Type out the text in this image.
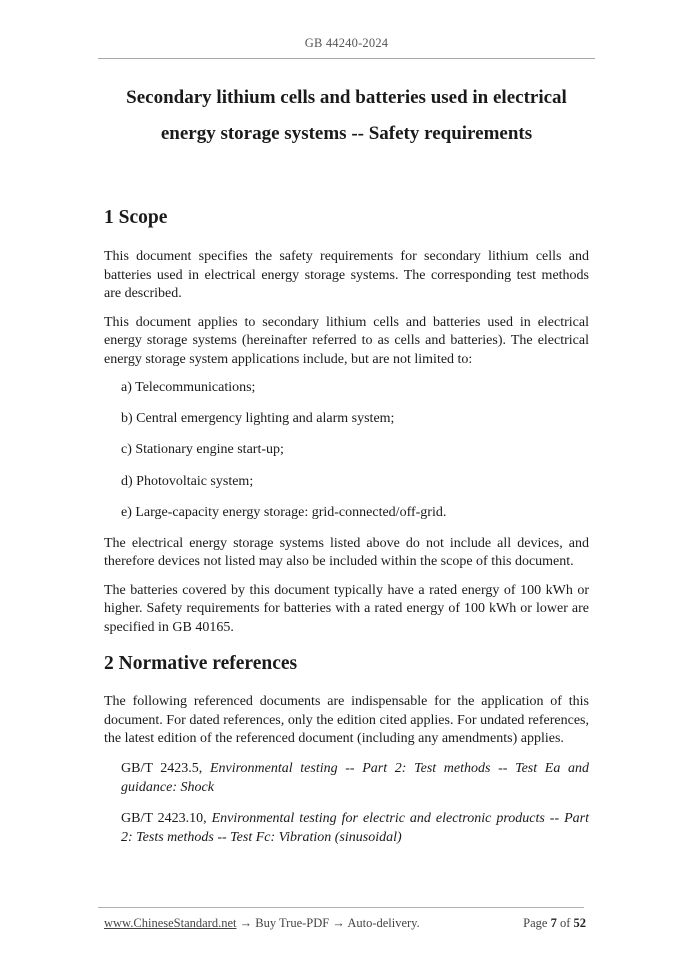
GB 44240-2024
Secondary lithium cells and batteries used in electrical
energy storage systems -- Safety requirements
1 Scope

This document specifies the safety requirements for secondary lithium cells and batteries used in electrical energy storage systems. The corresponding test methods are described.

This document applies to secondary lithium cells and batteries used in electrical energy storage systems (hereinafter referred to as cells and batteries). The electrical energy storage system applications include, but are not limited to:

a) Telecommunications;
b) Central emergency lighting and alarm system;
c) Stationary engine start-up;
d) Photovoltaic system;
e) Large-capacity energy storage: grid-connected/off-grid.

The electrical energy storage systems listed above do not include all devices, and therefore devices not listed may also be included within the scope of this document.

The batteries covered by this document typically have a rated energy of 100 kWh or higher. Safety requirements for batteries with a rated energy of 100 kWh or lower are specified in GB 40165.

2 Normative references

The following referenced documents are indispensable for the application of this document. For dated references, only the edition cited applies. For undated references, the latest edition of the referenced document (including any amendments) applies.

GB/T 2423.5, Environmental testing -- Part 2: Test methods -- Test Ea and guidance: Shock
GB/T 2423.10, Environmental testing for electric and electronic products -- Part 2: Tests methods -- Test Fc: Vibration (sinusoidal)
www.ChineseStandard.net → Buy True-PDF → Auto-delivery.	Page 7 of 52
